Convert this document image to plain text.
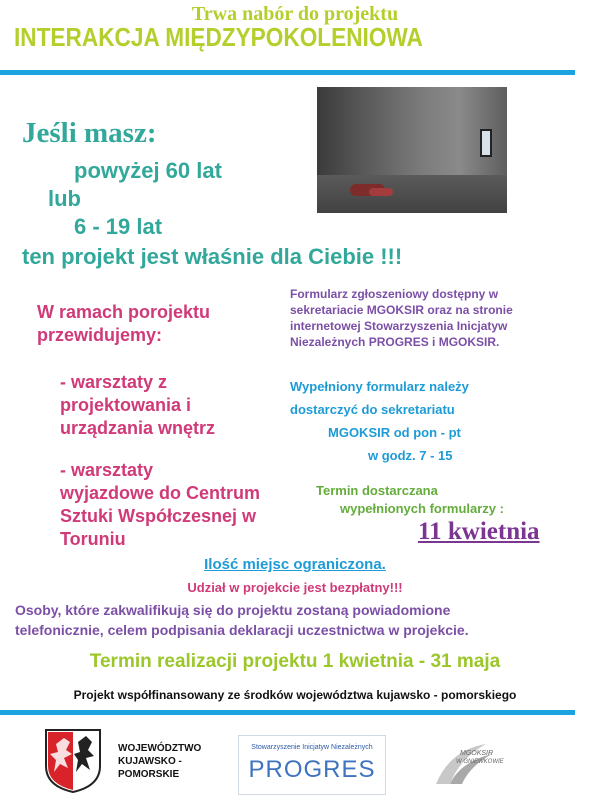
Trwa nabór do projektu
INTERAKCJA MIĘDZYPOKOLENIOWA
Jeśli masz:
powyżej 60 lat
lub
6 - 19 lat
ten projekt jest właśnie dla Ciebie !!!
W ramach porojektu
przewidujemy:
- warsztaty z
projektowania i
urządzania wnętrz
- warsztaty
wyjazdowe do Centrum
Sztuki Współczesnej w
Toruniu
Formularz zgłoszeniowy dostępny w
sekretariacie MGOKSIR oraz na stronie
internetowej Stowarzyszenia Inicjatyw
Niezależnych PROGRES i MGOKSIR.
Wypełniony formularz należy
dostarczyć do sekretariatu
MGOKSIR od pon - pt
w godz. 7 - 15
Termin dostarczana
wypełnionych formularzy :
11 kwietnia
Ilość miejsc ograniczona.
Udział w projekcie jest bezpłatny!!!
Osoby, które zakwalifikują się do projektu zostaną powiadomione
telefonicznie, celem podpisania deklaracji uczestnictwa w projekcie.
Termin realizacji projektu 1 kwietnia - 31 maja
Projekt współfinansowany ze środków województwa kujawsko - pomorskiego
WOJEWÓDZTWO
KUJAWSKO -
POMORSKIE
Stowarzyszenie Inicjatyw Niezależnych
PROGRES
MGOKSIR
W GNIEWKOWIE
